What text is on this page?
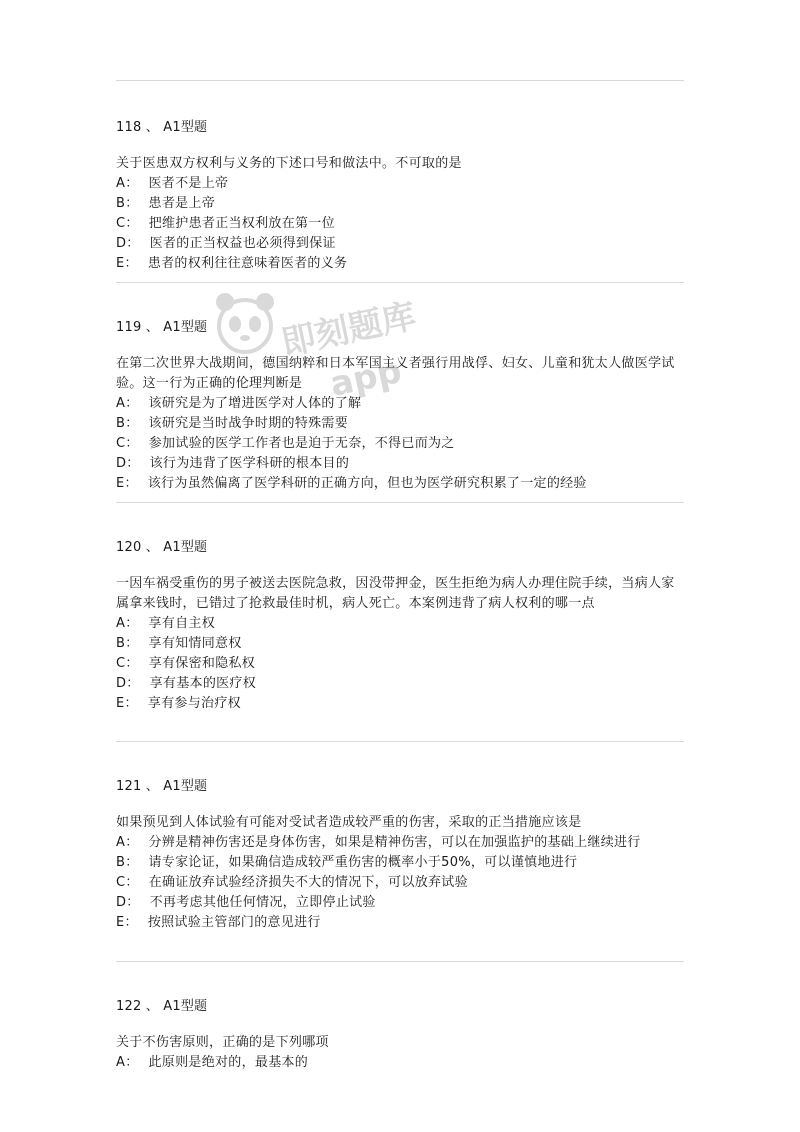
即刻题库
app
118 、 A1型题
关于医患双方权利与义务的下述口号和做法中。不可取的是
A： 医者不是上帝
B： 患者是上帝
C： 把维护患者正当权利放在第一位
D： 医者的正当权益也必须得到保证
E： 患者的权利往往意味着医者的义务
119 、 A1型题
在第二次世界大战期间，德国纳粹和日本军国主义者强行用战俘、妇女、儿童和犹太人做医学试验。这一行为正确的伦理判断是
A： 该研究是为了增进医学对人体的了解
B： 该研究是当时战争时期的特殊需要
C： 参加试验的医学工作者也是迫于无奈，不得已而为之
D： 该行为违背了医学科研的根本目的
E： 该行为虽然偏离了医学科研的正确方向，但也为医学研究积累了一定的经验
120 、 A1型题
一因车祸受重伤的男子被送去医院急救，因没带押金，医生拒绝为病人办理住院手续，当病人家属拿来钱时，已错过了抢救最佳时机，病人死亡。本案例违背了病人权利的哪一点
A： 享有自主权
B： 享有知情同意权
C： 享有保密和隐私权
D： 享有基本的医疗权
E： 享有参与治疗权
121 、 A1型题
如果预见到人体试验有可能对受试者造成较严重的伤害，采取的正当措施应该是
A： 分辨是精神伤害还是身体伤害，如果是精神伤害，可以在加强监护的基础上继续进行
B： 请专家论证，如果确信造成较严重伤害的概率小于50%，可以谨慎地进行
C： 在确证放弃试验经济损失不大的情况下，可以放弃试验
D： 不再考虑其他任何情况，立即停止试验
E： 按照试验主管部门的意见进行
122 、 A1型题
关于不伤害原则，正确的是下列哪项
A： 此原则是绝对的，最基本的
